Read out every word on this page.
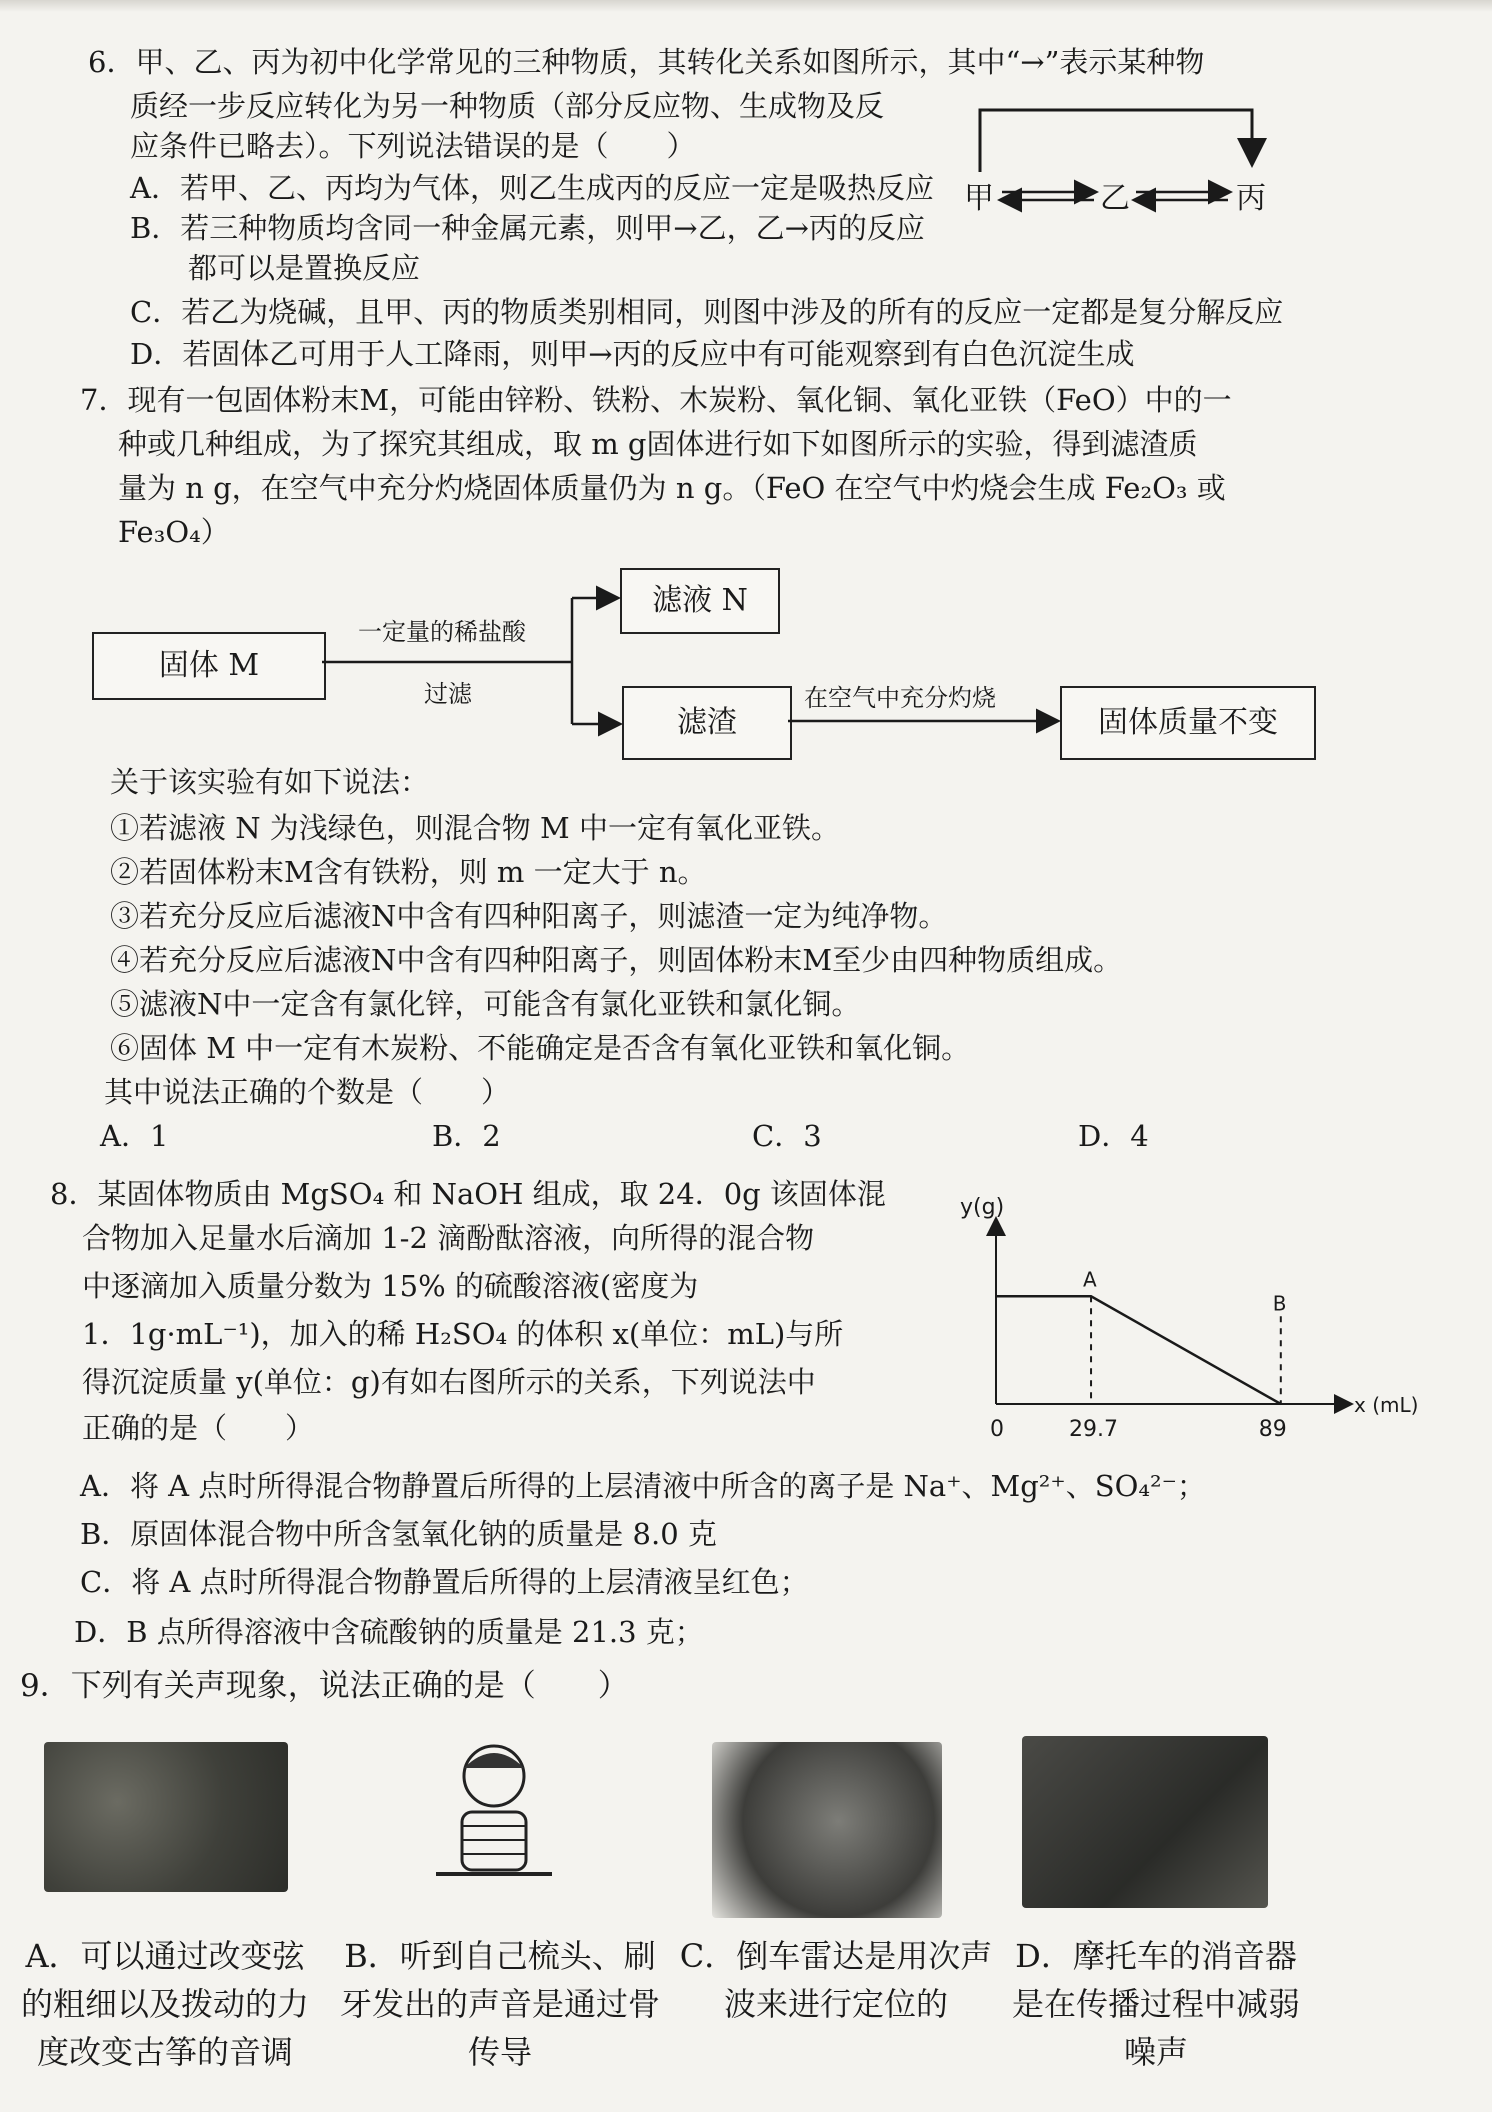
6．甲、乙、丙为初中化学常见的三种物质，其转化关系如图所示，其中“→”表示某种物
质经一步反应转化为另一种物质（部分反应物、生成物及反
应条件已略去）。下列说法错误的是（　　）
A．若甲、乙、丙均为气体，则乙生成丙的反应一定是吸热反应
B．若三种物质均含同一种金属元素，则甲→乙，乙→丙的反应
　　都可以是置换反应
C．若乙为烧碱，且甲、丙的物质类别相同，则图中涉及的所有的反应一定都是复分解反应
D．若固体乙可用于人工降雨，则甲→丙的反应中有可能观察到有白色沉淀生成
甲	乙	丙
7．现有一包固体粉末M，可能由锌粉、铁粉、木炭粉、氧化铜、氧化亚铁（FeO）中的一
种或几种组成，为了探究其组成，取 m g固体进行如下如图所示的实验，得到滤渣质
量为 n g，在空气中充分灼烧固体质量仍为 n g。（FeO 在空气中灼烧会生成 Fe₂O₃ 或
Fe₃O₄）
固体 M
滤液 N
滤渣	固体质量不变
一定量的稀盐酸
过滤	在空气中充分灼烧
关于该实验有如下说法：
①若滤液 N 为浅绿色，则混合物 M 中一定有氧化亚铁。
②若固体粉末M含有铁粉，则 m 一定大于 n。
③若充分反应后滤液N中含有四种阳离子，则滤渣一定为纯净物。
④若充分反应后滤液N中含有四种阳离子，则固体粉末M至少由四种物质组成。
⑤滤液N中一定含有氯化锌，可能含有氯化亚铁和氯化铜。
⑥固体 M 中一定有木炭粉、不能确定是否含有氧化亚铁和氧化铜。
其中说法正确的个数是（　　）
A．1	B．2	C．3	D．4
8．某固体物质由 MgSO₄ 和 NaOH 组成，取 24．0g 该固体混
合物加入足量水后滴加 1-2 滴酚酞溶液，向所得的混合物
中逐滴加入质量分数为 15% 的硫酸溶液(密度为
1．1g·mL⁻¹)，加入的稀 H₂SO₄ 的体积 x(单位：mL)与所
得沉淀质量 y(单位：g)有如右图所示的关系，下列说法中
正确的是（　　）
y(g)
x (mL)
A
B
0	29.7	89
A．将 A 点时所得混合物静置后所得的上层清液中所含的离子是 Na⁺、Mg²⁺、SO₄²⁻；
B．原固体混合物中所含氢氧化钠的质量是 8.0 克
C．将 A 点时所得混合物静置后所得的上层清液呈红色；
D．B 点所得溶液中含硫酸钠的质量是 21.3 克；
9．下列有关声现象，说法正确的是（　　）
A．可以通过改变弦的粗细以及拨动的力度改变古筝的音调
B．听到自己梳头、刷牙发出的声音是通过骨传导
C．倒车雷达是用次声波来进行定位的
D．摩托车的消音器是在传播过程中减弱噪声
